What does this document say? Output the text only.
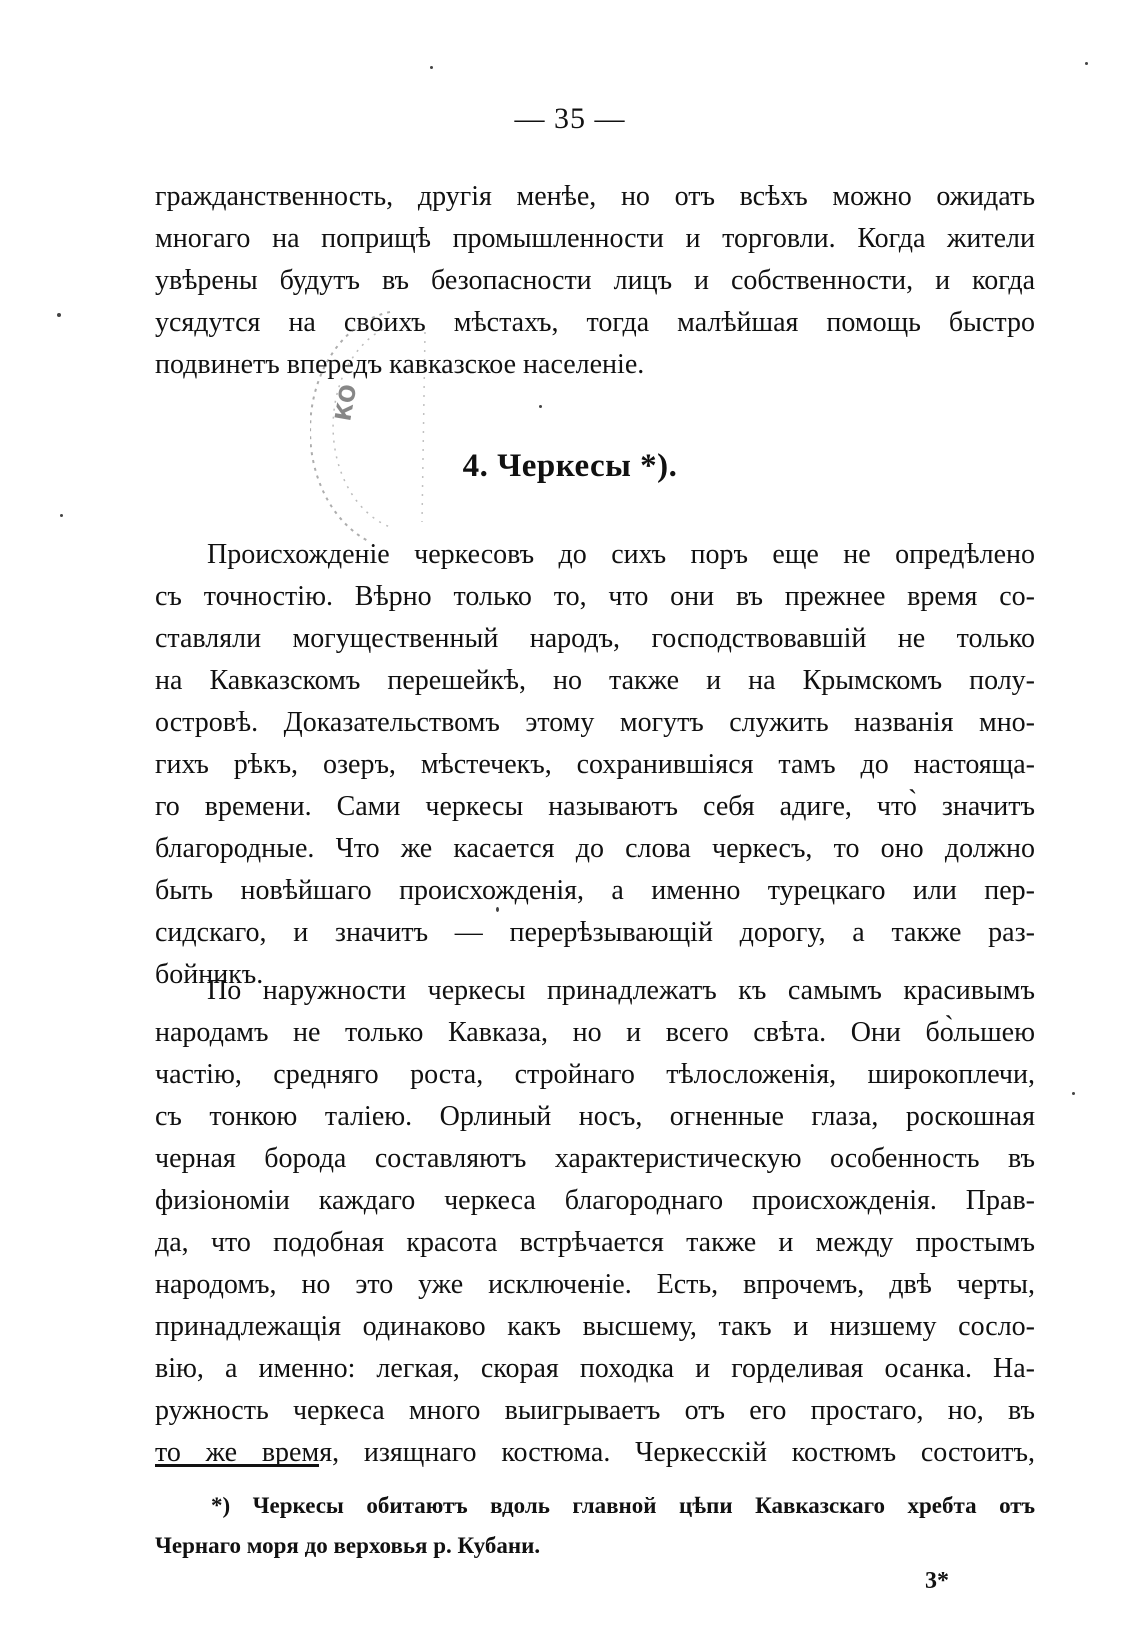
— 35 —
гражданственность, другія менѣе, но отъ всѣхъ можно ожидать
многаго на поприщѣ промышленности и торговли. Когда жители
увѣрены будутъ въ безопасности лицъ и собственности, и когда
усядутся на своихъ мѣстахъ, тогда малѣйшая помощь быстро
подвинетъ впередъ кавказское населеніе.
4. Черкесы *).
Происхожденіе черкесовъ до сихъ поръ еще не опредѣлено
съ точностію. Вѣрно только то, что они въ прежнее время со-
ставляли могущественный народъ, господствовавшій не только
на Кавказскомъ перешейкѣ, но также и на Крымскомъ полу-
островѣ. Доказательствомъ этому могутъ служить названія мно-
гихъ рѣкъ, озеръ, мѣстечекъ, сохранившіяся тамъ до настояща-
го времени. Сами черкесы называютъ себя адиге, что̀ значитъ
благородные. Что же касается до слова черкесъ, то оно должно
быть новѣйшаго происхожденія, а именно турецкаго или пер-
сидскаго, и значитъ — перерѣзывающій дорогу, а также раз-
бойникъ.
По наружности черкесы принадлежатъ къ самымъ красивымъ
народамъ не только Кавказа, но и всего свѣта. Они бо̀льшею
частію, средняго роста, стройнаго тѣлосложенія, широкоплечи,
съ тонкою таліею. Орлиный носъ, огненные глаза, роскошная
черная борода составляютъ характеристическую особенность въ
физіономіи каждаго черкеса благороднаго происхожденія. Прав-
да, что подобная красота встрѣчается также и между простымъ
народомъ, но это уже исключеніе. Есть, впрочемъ, двѣ черты,
принадлежащія одинаково какъ высшему, такъ и низшему сосло-
вію, а именно: легкая, скорая походка и горделивая осанка. На-
ружность черкеса много выигрываетъ отъ его простаго, но, въ
то же время, изящнаго костюма. Черкесскій костюмъ состоитъ,
*) Черкесы обитаютъ вдоль главной цѣпи Кавказскаго хребта отъ
Чернаго моря до верховья р. Кубани.
3*
КО
